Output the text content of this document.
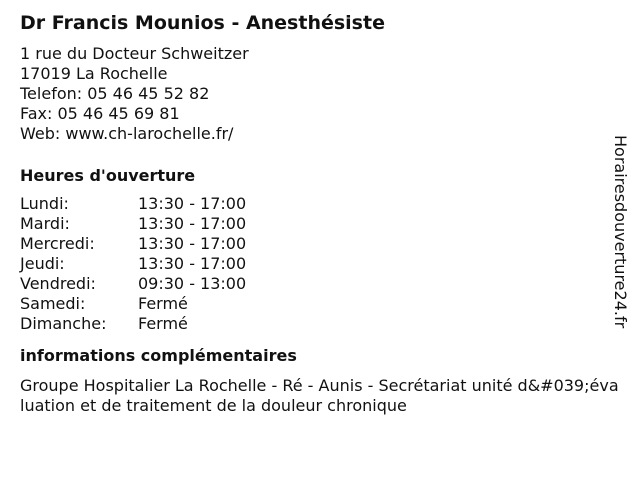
Dr Francis Mounios - Anesthésiste
1 rue du Docteur Schweitzer
17019 La Rochelle
Telefon: 05 46 45 52 82
Fax: 05 46 45 69 81
Web: www.ch-larochelle.fr/
Heures d'ouverture
Lundi:	13:30 - 17:00
Mardi:	13:30 - 17:00
Mercredi:	13:30 - 17:00
Jeudi:	13:30 - 17:00
Vendredi:	09:30 - 13:00
Samedi:	Fermé
Dimanche:	Fermé
informations complémentaires
Groupe Hospitalier La Rochelle - Ré - Aunis - Secrétariat unité d&#039;évaluation et de traitement de la douleur chronique
Horairesdouverture24.fr
